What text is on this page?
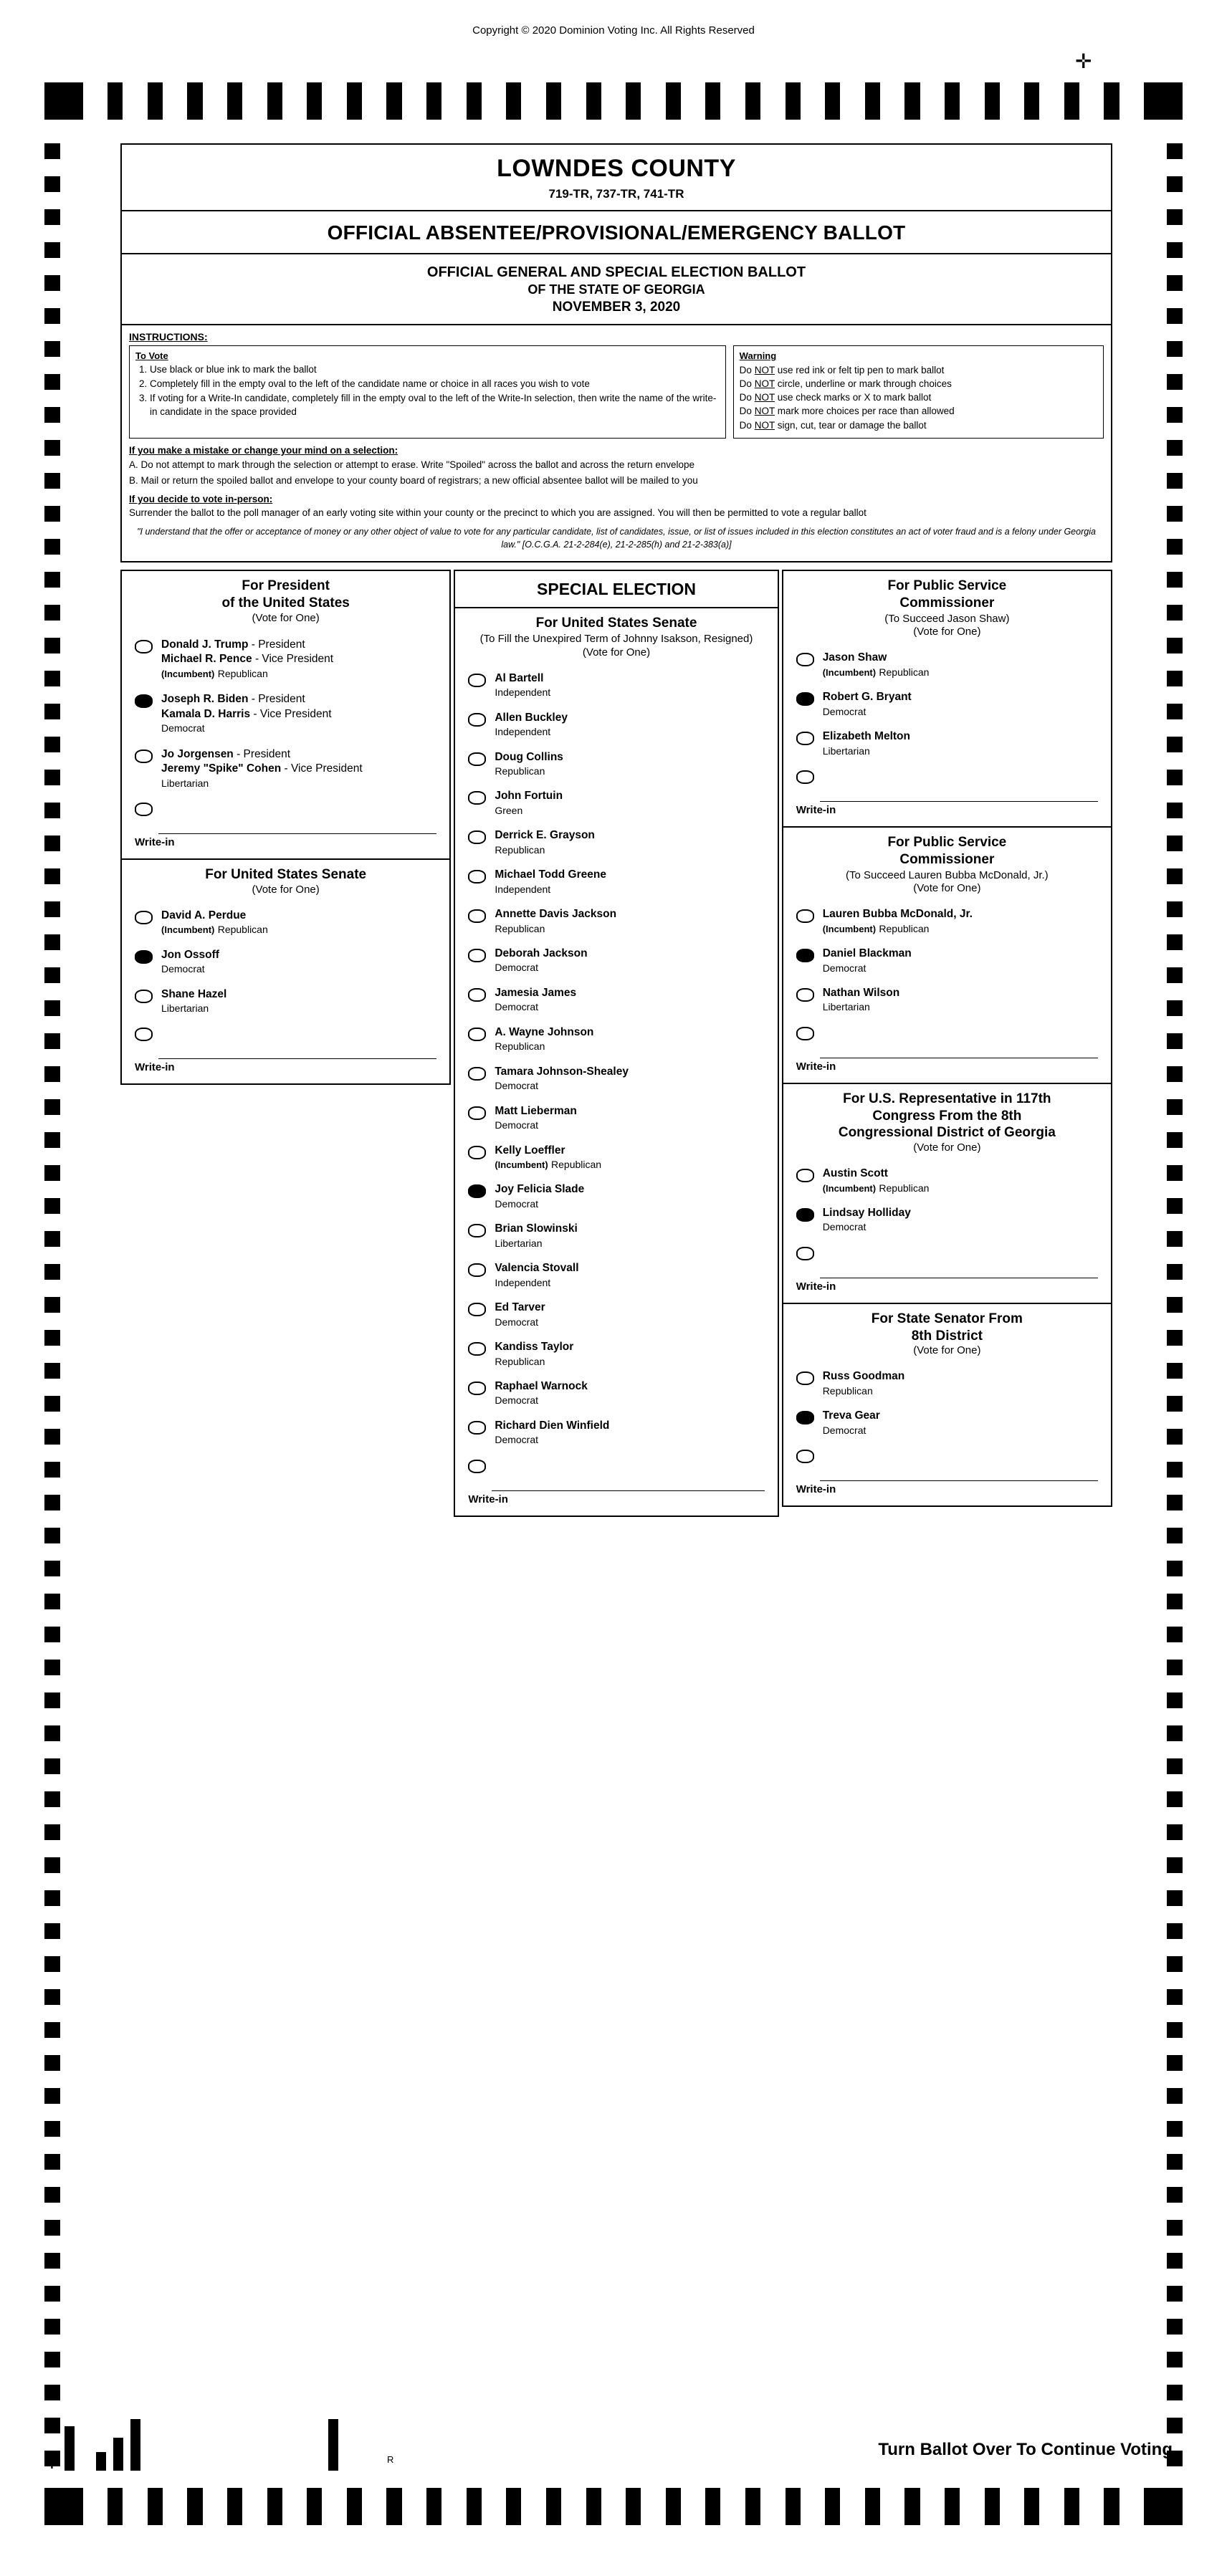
Copyright © 2020 Dominion Voting Inc. All Rights Reserved
✛
+	R
Turn Ballot Over To Continue Voting
LOWNDES COUNTY
719-TR, 737-TR, 741-TR
OFFICIAL ABSENTEE/PROVISIONAL/EMERGENCY BALLOT
OFFICIAL GENERAL AND SPECIAL ELECTION BALLOT
OF THE STATE OF GEORGIA
NOVEMBER 3, 2020
INSTRUCTIONS:
To Vote
1. Use black or blue ink to mark the ballot
2. Completely fill in the empty oval to the left of the candidate name or choice in all races you wish to vote
3. If voting for a Write-In candidate, completely fill in the empty oval to the left of the Write-In selection, then write the name of the write-in candidate in the space provided
Warning
Do NOT use red ink or felt tip pen to mark ballot
Do NOT circle, underline or mark through choices
Do NOT use check marks or X to mark ballot
Do NOT mark more choices per race than allowed
Do NOT sign, cut, tear or damage the ballot
If you make a mistake or change your mind on a selection:

A. Do not attempt to mark through the selection or attempt to erase. Write "Spoiled" across the ballot and across the return envelope

B. Mail or return the spoiled ballot and envelope to your county board of registrars; a new official absentee ballot will be mailed to you

If you decide to vote in-person:

Surrender the ballot to the poll manager of an early voting site within your county or the precinct to which you are assigned. You will then be permitted to vote a regular ballot

"I understand that the offer or acceptance of money or any other object of value to vote for any particular candidate, list of candidates, issue, or list of issues included in this election constitutes an act of voter fraud and is a felony under Georgia law." [O.C.G.A. 21-2-284(e), 21-2-285(h) and 21-2-383(a)]
For President
of the United States
(Vote for One)
Donald J. Trump - President
Michael R. Pence - Vice President
(Incumbent) Republican
Joseph R. Biden - President
Kamala D. Harris - Vice President
Democrat
Jo Jorgensen - President
Jeremy "Spike" Cohen - Vice President
Libertarian
Write-in
For United States Senate
(Vote for One)
David A. Perdue
(Incumbent) Republican
Jon Ossoff
Democrat
Shane Hazel
Libertarian
Write-in
SPECIAL ELECTION
For United States Senate
(To Fill the Unexpired Term of Johnny Isakson, Resigned)
(Vote for One)
Al Bartell
Independent
Allen Buckley
Independent
Doug Collins
Republican
John Fortuin
Green
Derrick E. Grayson
Republican
Michael Todd Greene
Independent
Annette Davis Jackson
Republican
Deborah Jackson
Democrat
Jamesia James
Democrat
A. Wayne Johnson
Republican
Tamara Johnson-Shealey
Democrat
Matt Lieberman
Democrat
Kelly Loeffler
(Incumbent) Republican
Joy Felicia Slade
Democrat
Brian Slowinski
Libertarian
Valencia Stovall
Independent
Ed Tarver
Democrat
Kandiss Taylor
Republican
Raphael Warnock
Democrat
Richard Dien Winfield
Democrat
Write-in
For Public Service
Commissioner
(To Succeed Jason Shaw)
(Vote for One)
Jason Shaw
(Incumbent) Republican
Robert G. Bryant
Democrat
Elizabeth Melton
Libertarian
Write-in
For Public Service
Commissioner
(To Succeed Lauren Bubba McDonald, Jr.)
(Vote for One)
Lauren Bubba McDonald, Jr.
(Incumbent) Republican
Daniel Blackman
Democrat
Nathan Wilson
Libertarian
Write-in
For U.S. Representative in 117th
Congress From the 8th
Congressional District of Georgia
(Vote for One)
Austin Scott
(Incumbent) Republican
Lindsay Holliday
Democrat
Write-in
For State Senator From
8th District
(Vote for One)
Russ Goodman
Republican
Treva Gear
Democrat
Write-in
